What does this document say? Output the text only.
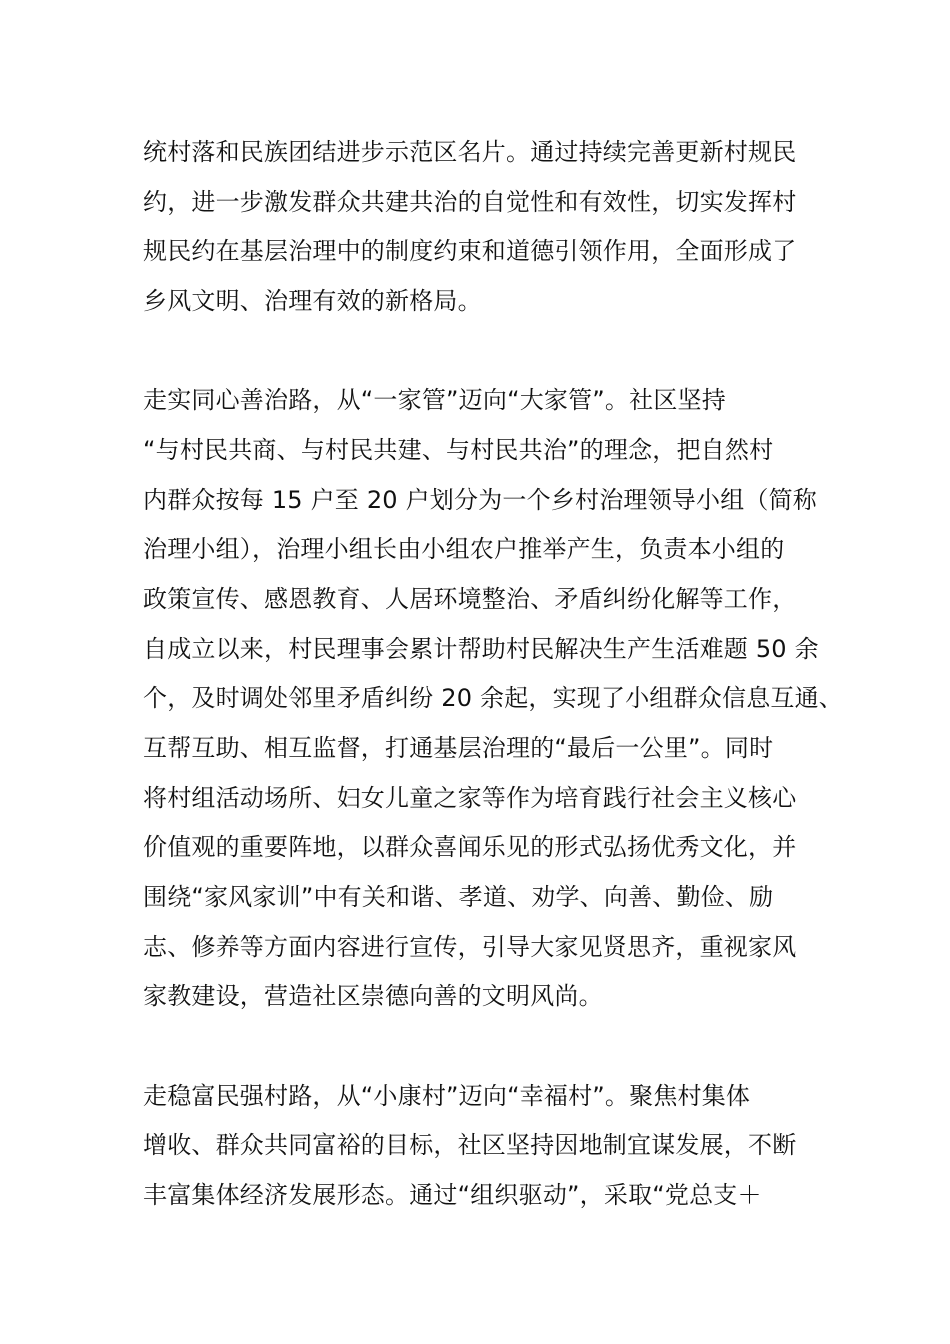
统村落和民族团结进步示范区名片。通过持续完善更新村规民
约，进一步激发群众共建共治的自觉性和有效性，切实发挥村
规民约在基层治理中的制度约束和道德引领作用，全面形成了
乡风文明、治理有效的新格局。
走实同心善治路，从“一家管”迈向“大家管”。社区坚持
“与村民共商、与村民共建、与村民共治”的理念，把自然村
内群众按每 15 户至 20 户划分为一个乡村治理领导小组（简称
治理小组），治理小组长由小组农户推举产生，负责本小组的
政策宣传、感恩教育、人居环境整治、矛盾纠纷化解等工作，
自成立以来，村民理事会累计帮助村民解决生产生活难题 50 余
个，及时调处邻里矛盾纠纷 20 余起，实现了小组群众信息互通、
互帮互助、相互监督，打通基层治理的“最后一公里”。同时
将村组活动场所、妇女儿童之家等作为培育践行社会主义核心
价值观的重要阵地，以群众喜闻乐见的形式弘扬优秀文化，并
围绕“家风家训”中有关和谐、孝道、劝学、向善、勤俭、励
志、修养等方面内容进行宣传，引导大家见贤思齐，重视家风
家教建设，营造社区崇德向善的文明风尚。
走稳富民强村路，从“小康村”迈向“幸福村”。聚焦村集体
增收、群众共同富裕的目标，社区坚持因地制宜谋发展，不断
丰富集体经济发展形态。通过“组织驱动”，采取“党总支＋
